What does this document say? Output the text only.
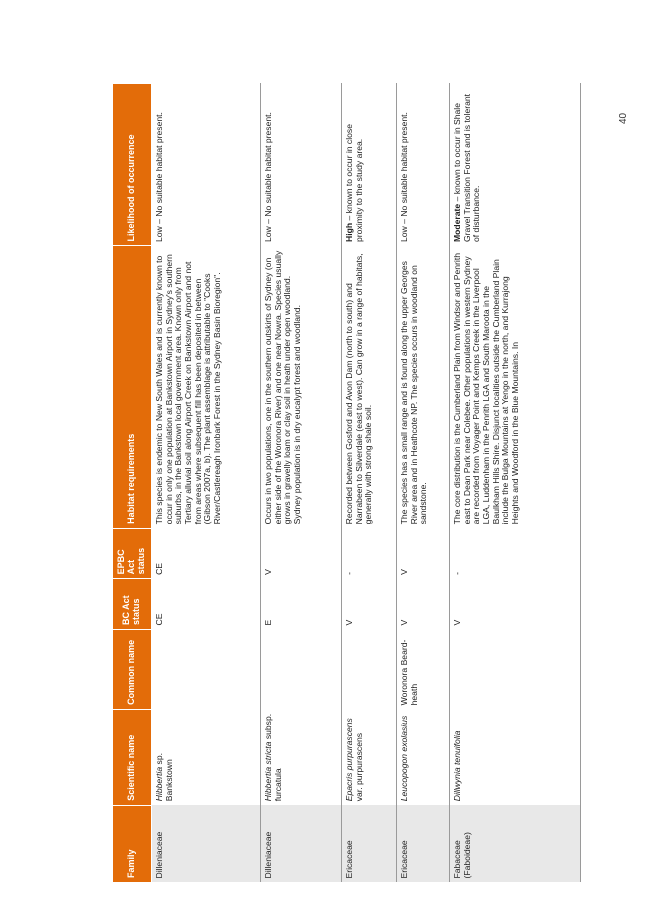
40
Family	Scientific name	Common name	BC Act status	EPBC Act status	Habitat requirements	Likelihood of occurrence
Dilleniaceae	Hibbertia sp. Bankstown		CE	CE	This species is endemic to New South Wales and is currently known to occur in only one population at Bankstown Airport in Sydney's southern suburbs, in the Bankstown local government area. Known only from Tertiary alluvial soil along Airport Creek on Bankstown Airport and not from areas where subsequent fill has been deposited in between (Gibson 2007a, b). The plant assemblage is attributable to "Cooks River/Castlereagh Ironbark Forest in the Sydney Basin Bioregion".	Low – No suitable habitat present.
Dilleniaceae	Hibbertia stricta subsp. furcatula		E	V	Occurs in two populations, one in the southern outskirts of Sydney (on either side of the Woronora River) and one near Nowra. Species usually grows in gravelly loam or clay soil in heath under open woodland. Sydney population is in dry eucalypt forest and woodland.	Low – No suitable habitat present.
Ericaceae	Epacris purpurascens var. purpurascens		V	-	Recorded between Gosford and Avon Dam (north to south) and Narrabeen to Silverdale (east to west). Can grow in a range of habitats, generally with strong shale soil.	High – known to occur in close proximity to the study area.
Ericaceae	Leucopogon exolasius	Woronora Beard-heath	V	V	The species has a small range and is found along the upper Georges River area and in Heathcote NP. The species occurs in woodland on sandstone.	Low – No suitable habitat present.
Fabaceae (Faboideae)	Dillwynia tenuifolia		V	-	The core distribution is the Cumberland Plain from Windsor and Penrith east to Dean Park near Colebee. Other populations in western Sydney are recorded from Voyager Point and Kemps Creek in the Liverpool LGA, Luddenham in the Penrith LGA and South Maroota in the Baulkham Hills Shire. Disjunct localities outside the Cumberland Plain include the Bulga Mountains at Yengo in the north, and Kurrajong Heights and Woodford in the Blue Mountains. In	Moderate – known to occur in Shale Gravel Transition Forest and is tolerant of disturbance.
